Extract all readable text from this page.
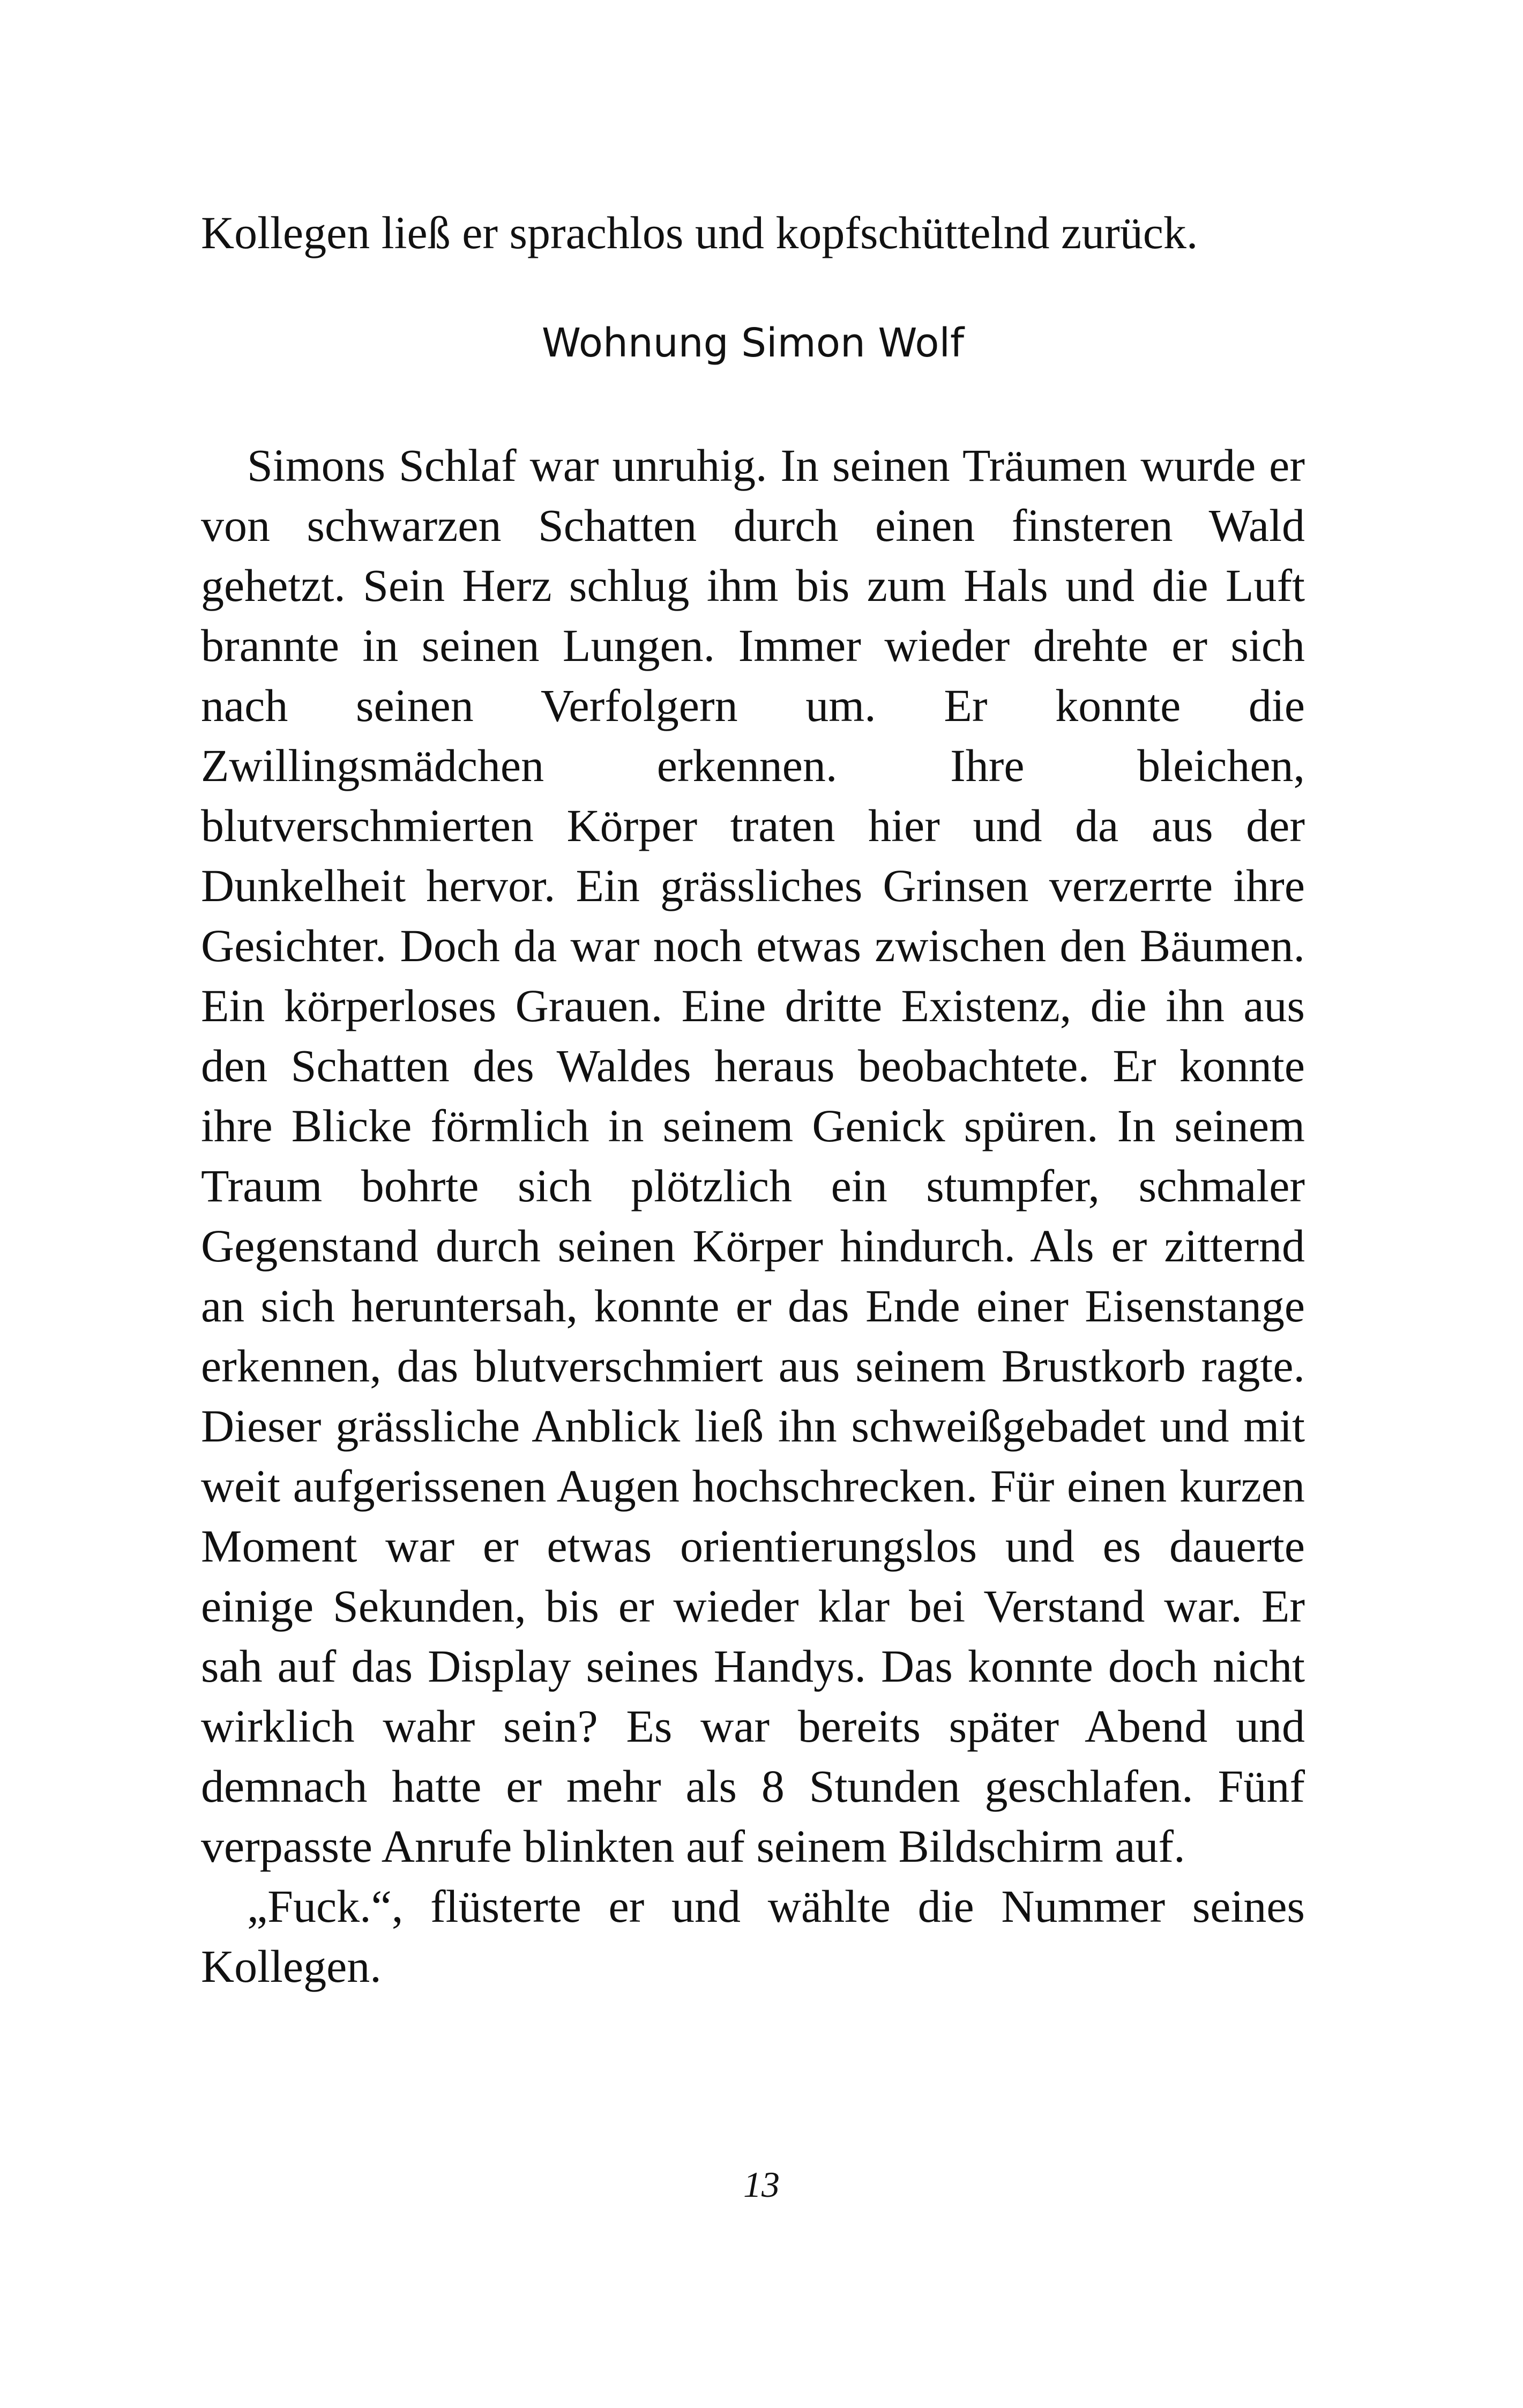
Kollegen ließ er sprachlos und kopfschüttelnd zurück.
Wohnung Simon Wolf

Simons Schlaf war unruhig. In seinen Träumen wurde er von schwarzen Schatten durch einen finsteren Wald gehetzt. Sein Herz schlug ihm bis zum Hals und die Luft brannte in seinen Lungen. Immer wieder drehte er sich nach seinen Verfolgern um. Er konnte die Zwillingsmädchen erkennen. Ihre bleichen, blutverschmierten Körper traten hier und da aus der Dunkelheit hervor. Ein grässliches Grinsen verzerrte ihre Gesichter. Doch da war noch etwas zwischen den Bäumen. Ein körperloses Grauen. Eine dritte Existenz, die ihn aus den Schatten des Waldes heraus beobachtete. Er konnte ihre Blicke förmlich in seinem Genick spüren. In seinem Traum bohrte sich plötzlich ein stumpfer, schmaler Gegenstand durch seinen Körper hindurch. Als er zitternd an sich heruntersah, konnte er das Ende einer Eisenstange erkennen, das blutverschmiert aus seinem Brustkorb ragte. Dieser grässliche Anblick ließ ihn schweißgebadet und mit weit aufgerissenen Augen hochschrecken. Für einen kurzen Moment war er etwas orientierungslos und es dauerte einige Sekunden, bis er wieder klar bei Verstand war. Er sah auf das Display seines Handys. Das konnte doch nicht wirklich wahr sein? Es war bereits später Abend und demnach hatte er mehr als 8 Stunden geschlafen. Fünf verpasste Anrufe blinkten auf seinem Bildschirm auf.

„Fuck.“, flüsterte er und wählte die Nummer seines Kollegen.

13
